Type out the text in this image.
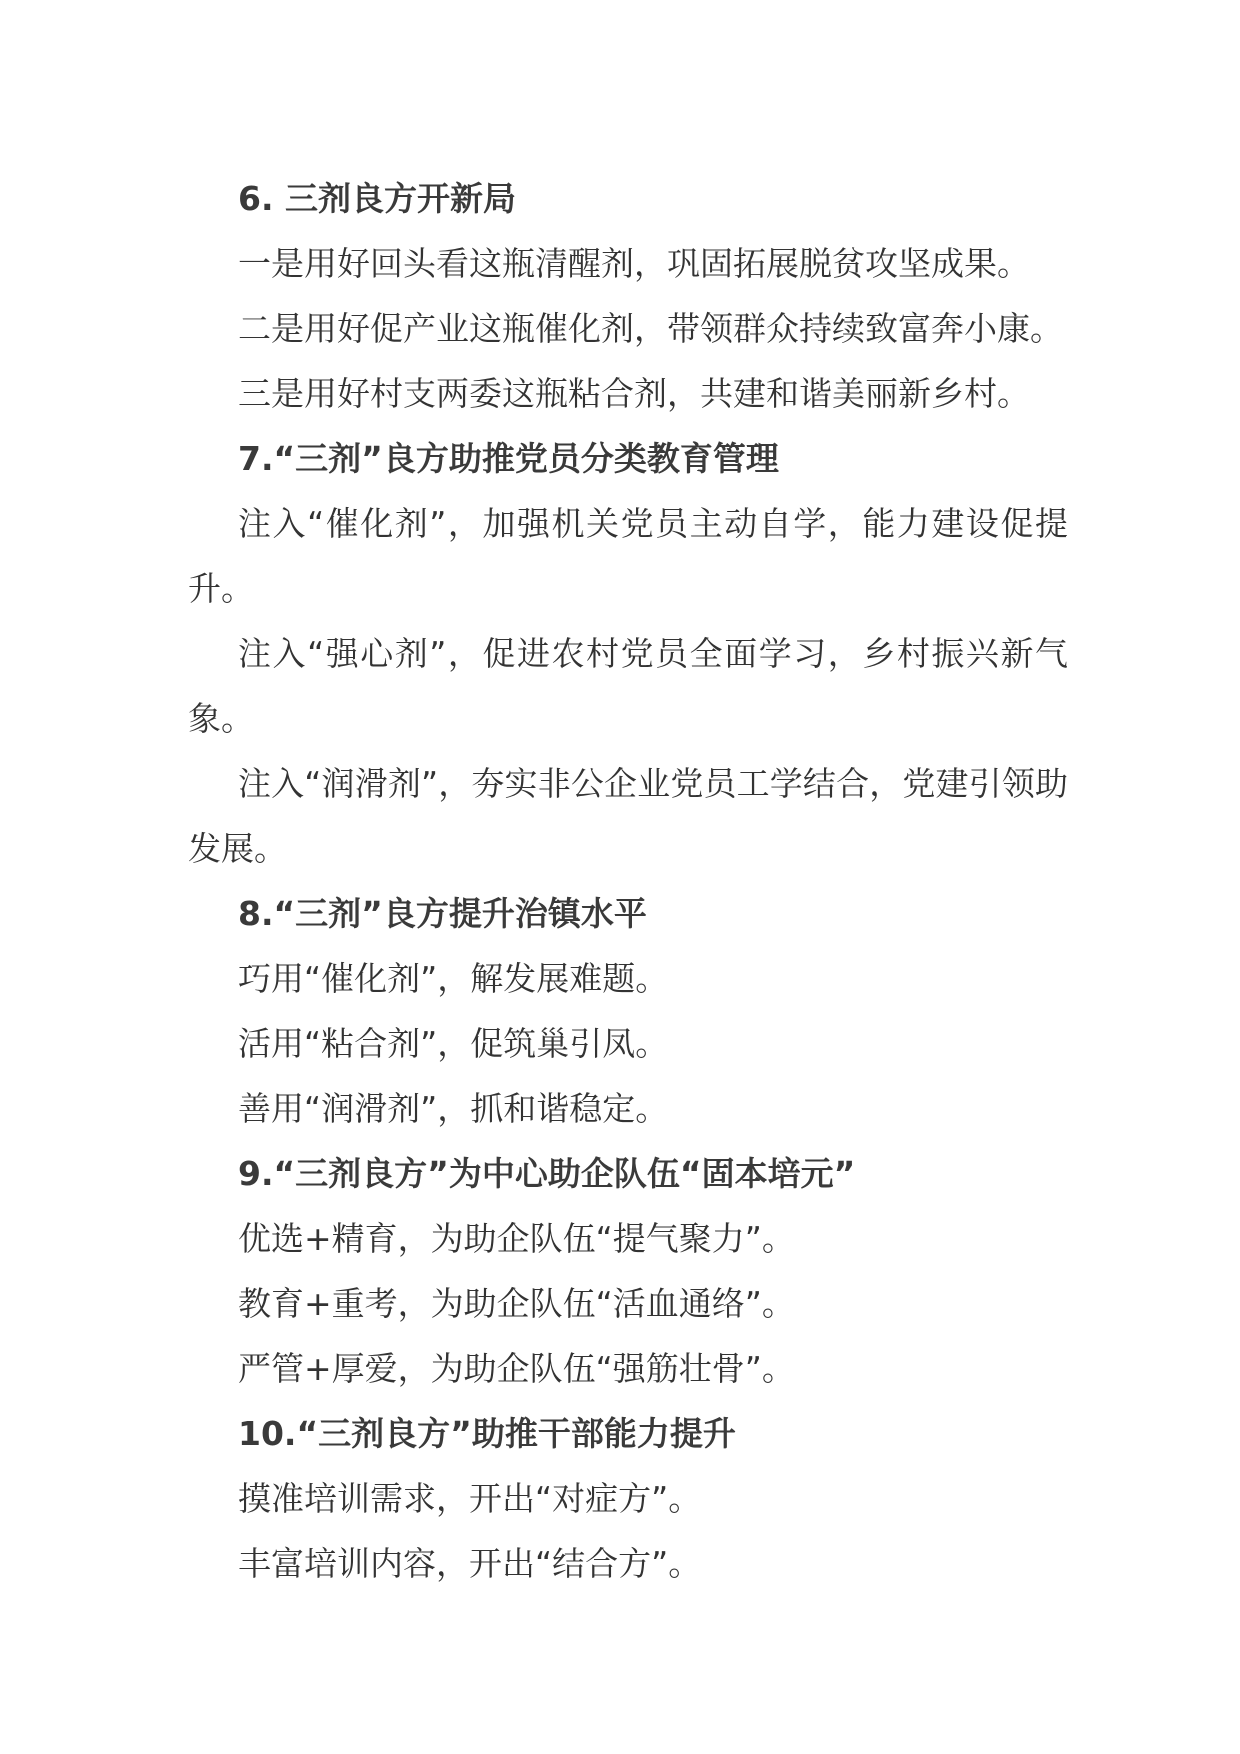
6. 三剂良方开新局
一是用好回头看这瓶清醒剂，巩固拓展脱贫攻坚成果。
二是用好促产业这瓶催化剂，带领群众持续致富奔小康。
三是用好村支两委这瓶粘合剂，共建和谐美丽新乡村。
7.“三剂”良方助推党员分类教育管理
注入“催化剂”，加强机关党员主动自学，能力建设促提升。
注入“强心剂”，促进农村党员全面学习，乡村振兴新气象。
注入“润滑剂”，夯实非公企业党员工学结合，党建引领助发展。
8.“三剂”良方提升治镇水平
巧用“催化剂”，解发展难题。
活用“粘合剂”，促筑巢引凤。
善用“润滑剂”，抓和谐稳定。
9.“三剂良方”为中心助企队伍“固本培元”
优选+精育，为助企队伍“提气聚力”。
教育+重考，为助企队伍“活血通络”。
严管+厚爱，为助企队伍“强筋壮骨”。
10.“三剂良方”助推干部能力提升
摸准培训需求，开出“对症方”。
丰富培训内容，开出“结合方”。
